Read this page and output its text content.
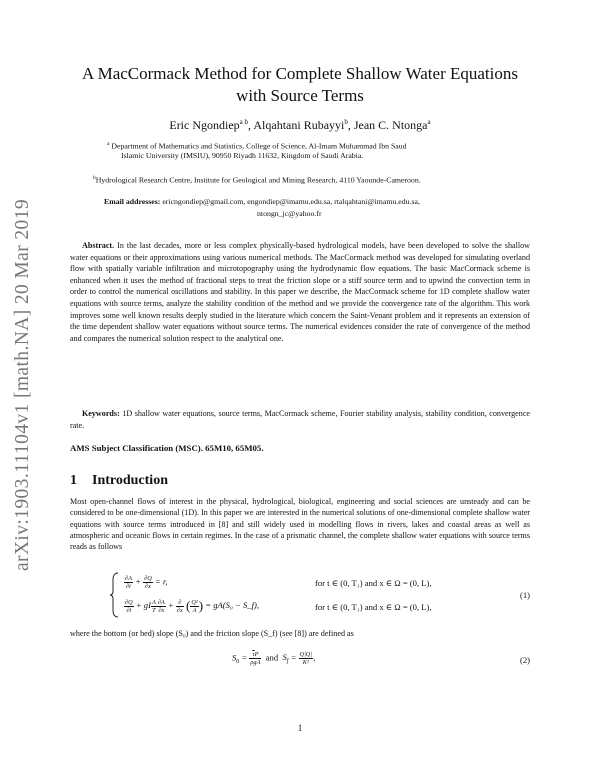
arXiv:1903.11104v1 [math.NA] 20 Mar 2019
A MacCormack Method for Complete Shallow Water Equations
with Source Terms
Eric Ngondiep$^{a b}$, Alqahtani Rubayyi$^b$, Jean C. Ntonga$^a$
$^a$ Department of Mathematics and Statistics, College of Science, Al-Imam Muhammad Ibn Saud
Islamic University (IMSIU), 90950 Riyadh 11632, Kingdom of Saudi Arabia.
$^b$Hydrological Research Centre, Institute for Geological and Mining Research, 4110 Yaounde-Cameroon.
Email addresses: ericngondiep@gmail.com, engondiep@imamu.edu.sa, rtalqahtani@imamu.edu.sa,
ntongn_jc@yahoo.fr
Abstract. In the last decades, more or less complex physically-based hydrological models, have been developed to solve the shallow water equations or their approximations using various numerical methods. The MacCormack method was developed for simulating overland flow with spatially variable infiltration and microtopography using the hydrodynamic flow equations. The basic MacCormack scheme is enhanced when it uses the method of fractional steps to treat the friction slope or a stiff source term and to upwind the convection term in order to control the numerical oscillations and stability. In this paper we describe, the MacCormack scheme for 1D complete shallow water equations with source terms, analyze the stability condition of the method and we provide the convergence rate of the algorithm. This work improves some well known results deeply studied in the literature which concern the Saint-Venant problem and it represents an extension of the time dependent shallow water equations without source terms. The numerical evidences consider the rate of convergence of the method and compares the numerical solution respect to the analytical one.
Keywords: 1D shallow water equations, source terms, MacCormack scheme, Fourier stability analysis, stability condition, convergence rate.
AMS Subject Classification (MSC). 65M10, 65M05.
1 Introduction
Most open-channel flows of interest in the physical, hydrological, biological, engineering and social sciences are unsteady and can be considered to be one-dimensional (1D). In this paper we are interested in the numerical solutions of one-dimensional complete shallow water equations with source terms introduced in [8] and still widely used in modelling flows in rivers, lakes and coastal areas as well as atmospheric and oceanic flows in certain regimes. In the case of a prismatic channel, the complete shallow water equations with source terms reads as follows
$\frac{\partial A}{\partial t} + \frac{\partial Q}{\partial x} = r$,	for t ∈ (0, T₁) and x ∈ Ω = (0, L),
$\frac{\partial Q}{\partial t}$ + gI $\frac{A}{T} \frac{\partial A}{\partial x} + \frac{\partial}{\partial x}$ ( $\frac{\text{Q²}}{A}$ ) = gA(S₀ − S_f),	for t ∈ (0, T₁) and x ∈ Ω = (0, L),
(1)
where the bottom (or bed) slope (S₀) and the friction slope (S_f) (see [8]) are defined as
$S_0 = \frac{\overline{\tau}P}{\text{ρgA}}$ and $S_f = \frac{Q|Q|}{\text{K²}}$ ,	(2)
1
